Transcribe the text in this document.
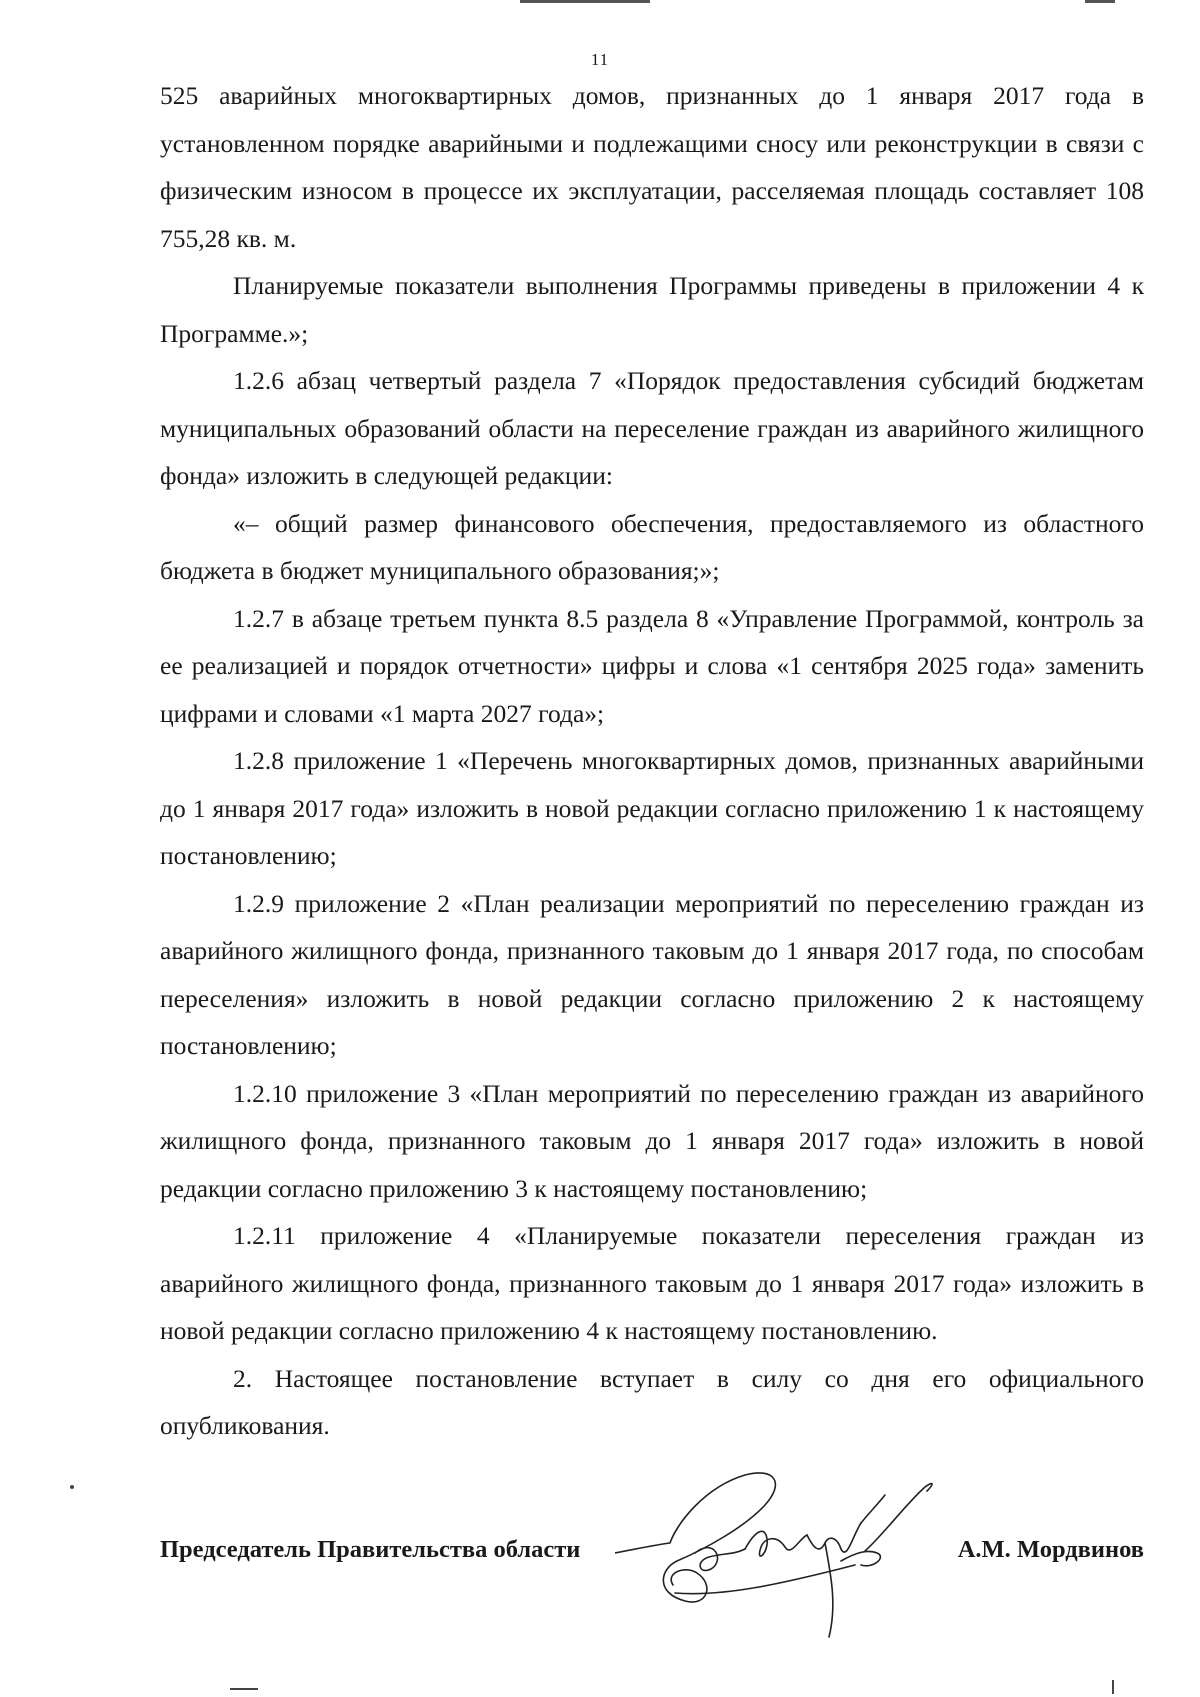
11

525 аварийных многоквартирных домов, признанных до 1 января 2017 года в установленном порядке аварийными и подлежащими сносу или реконструкции в связи с физическим износом в процессе их эксплуатации, расселяемая площадь составляет 108 755,28 кв. м.

Планируемые показатели выполнения Программы приведены в приложении 4 к Программе.»;

1.2.6 абзац четвертый раздела 7 «Порядок предоставления субсидий бюджетам муниципальных образований области на переселение граждан из аварийного жилищного фонда» изложить в следующей редакции:

«– общий размер финансового обеспечения, предоставляемого из областного бюджета в бюджет муниципального образования;»;

1.2.7 в абзаце третьем пункта 8.5 раздела 8 «Управление Программой, контроль за ее реализацией и порядок отчетности» цифры и слова «1 сентября 2025 года» заменить цифрами и словами «1 марта 2027 года»;

1.2.8 приложение 1 «Перечень многоквартирных домов, признанных аварийными до 1 января 2017 года» изложить в новой редакции согласно приложению 1 к настоящему постановлению;

1.2.9 приложение 2 «План реализации мероприятий по переселению граждан из аварийного жилищного фонда, признанного таковым до 1 января 2017 года, по способам переселения» изложить в новой редакции согласно приложению 2 к настоящему постановлению;

1.2.10 приложение 3 «План мероприятий по переселению граждан из аварийного жилищного фонда, признанного таковым до 1 января 2017 года» изложить в новой редакции согласно приложению 3 к настоящему постановлению;

1.2.11 приложение 4 «Планируемые показатели переселения граждан из аварийного жилищного фонда, признанного таковым до 1 января 2017 года» изложить в новой редакции согласно приложению 4 к настоящему постановлению.

2. Настоящее постановление вступает в силу со дня его официального опубликования.

Председатель Правительства области	А.М. Мордвинов
